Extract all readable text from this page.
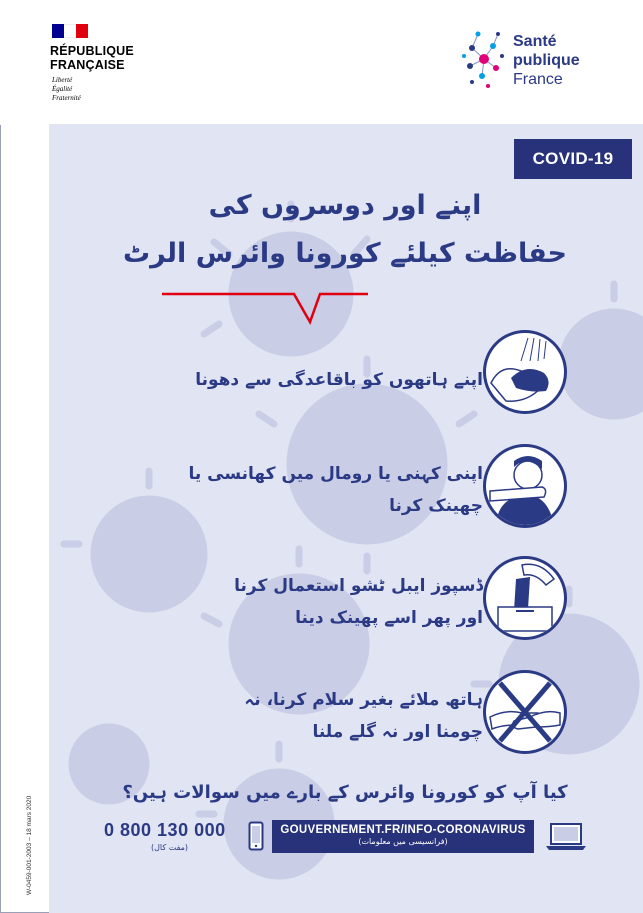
RÉPUBLIQUE
FRANÇAISE
Liberté
Égalité
Fraternité
Santé
publique
France
COVID-19
اپنے اور دوسروں کی
حفاظت کیلئے کورونا وائرس الرٹ
اپنے ہاتھوں کو باقاعدگی سے دھونا
اپنی کہنی یا رومال میں کھانسی یا
چھینک کرنا
ڈسپوز ایبل ٹشو استعمال کرنا
اور پھر اسے پھینک دینا
ہاتھ ملائے بغیر سلام کرنا، نہ
چومنا اور نہ گلے ملنا
کیا آپ کو کورونا وائرس کے بارے میں سوالات ہیں؟
0 800 130 000
(مفت کال)
GOUVERNEMENT.FR/INFO-CORONAVIRUS
(فرانسیسی میں معلومات)
W-0459-001-2003 – 18 mars 2020
